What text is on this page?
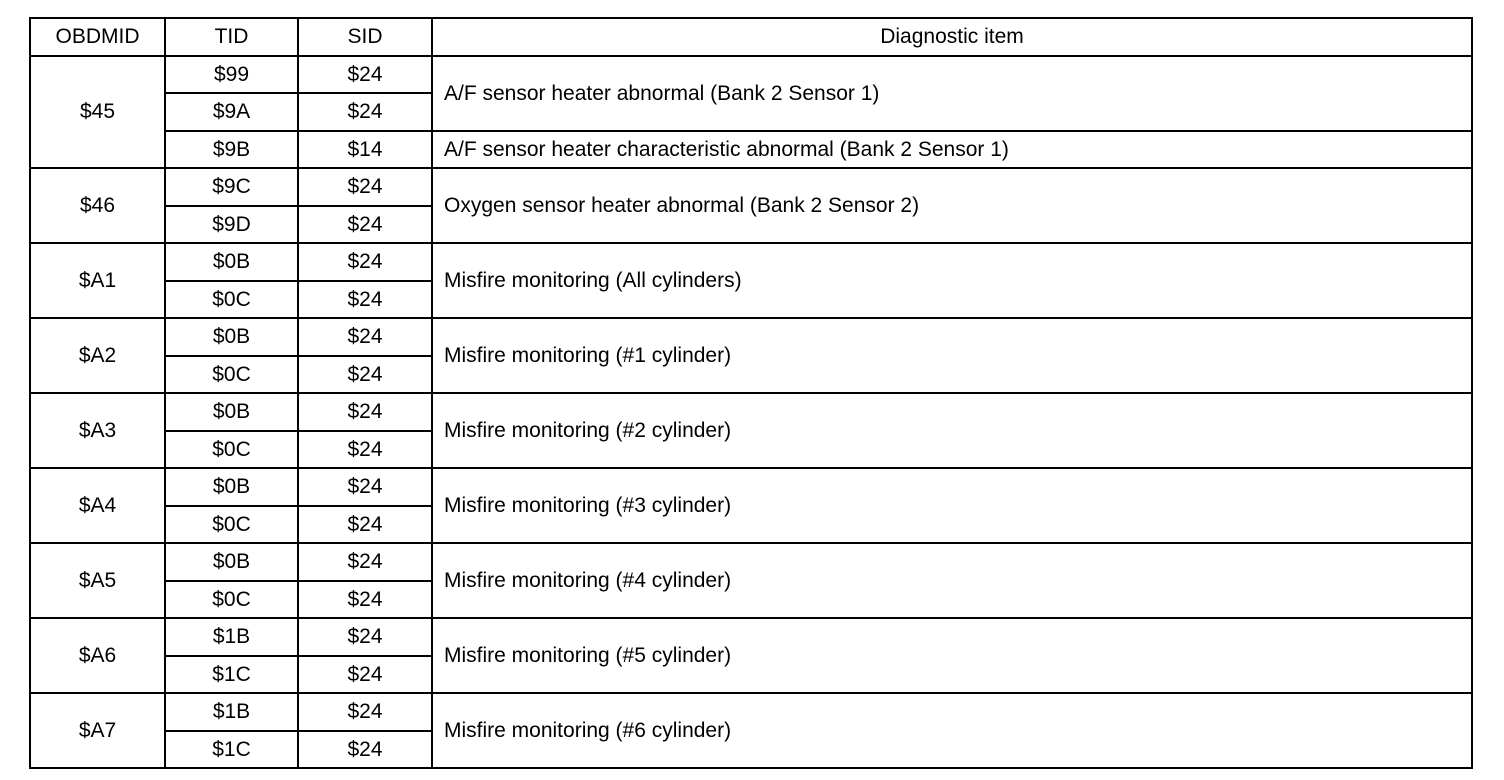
OBDMID	TID	SID	Diagnostic item
$45	$99	$24	A/F sensor heater abnormal (Bank 2 Sensor 1)
	$9A	$24	
	$9B	$14	A/F sensor heater characteristic abnormal (Bank 2 Sensor 1)
$46	$9C	$24	Oxygen sensor heater abnormal (Bank 2 Sensor 2)
	$9D	$24	
$A1	$0B	$24	Misfire monitoring (All cylinders)
	$0C	$24	
$A2	$0B	$24	Misfire monitoring (#1 cylinder)
	$0C	$24	
$A3	$0B	$24	Misfire monitoring (#2 cylinder)
	$0C	$24	
$A4	$0B	$24	Misfire monitoring (#3 cylinder)
	$0C	$24	
$A5	$0B	$24	Misfire monitoring (#4 cylinder)
	$0C	$24	
$A6	$1B	$24	Misfire monitoring (#5 cylinder)
	$1C	$24	
$A7	$1B	$24	Misfire monitoring (#6 cylinder)
	$1C	$24	
